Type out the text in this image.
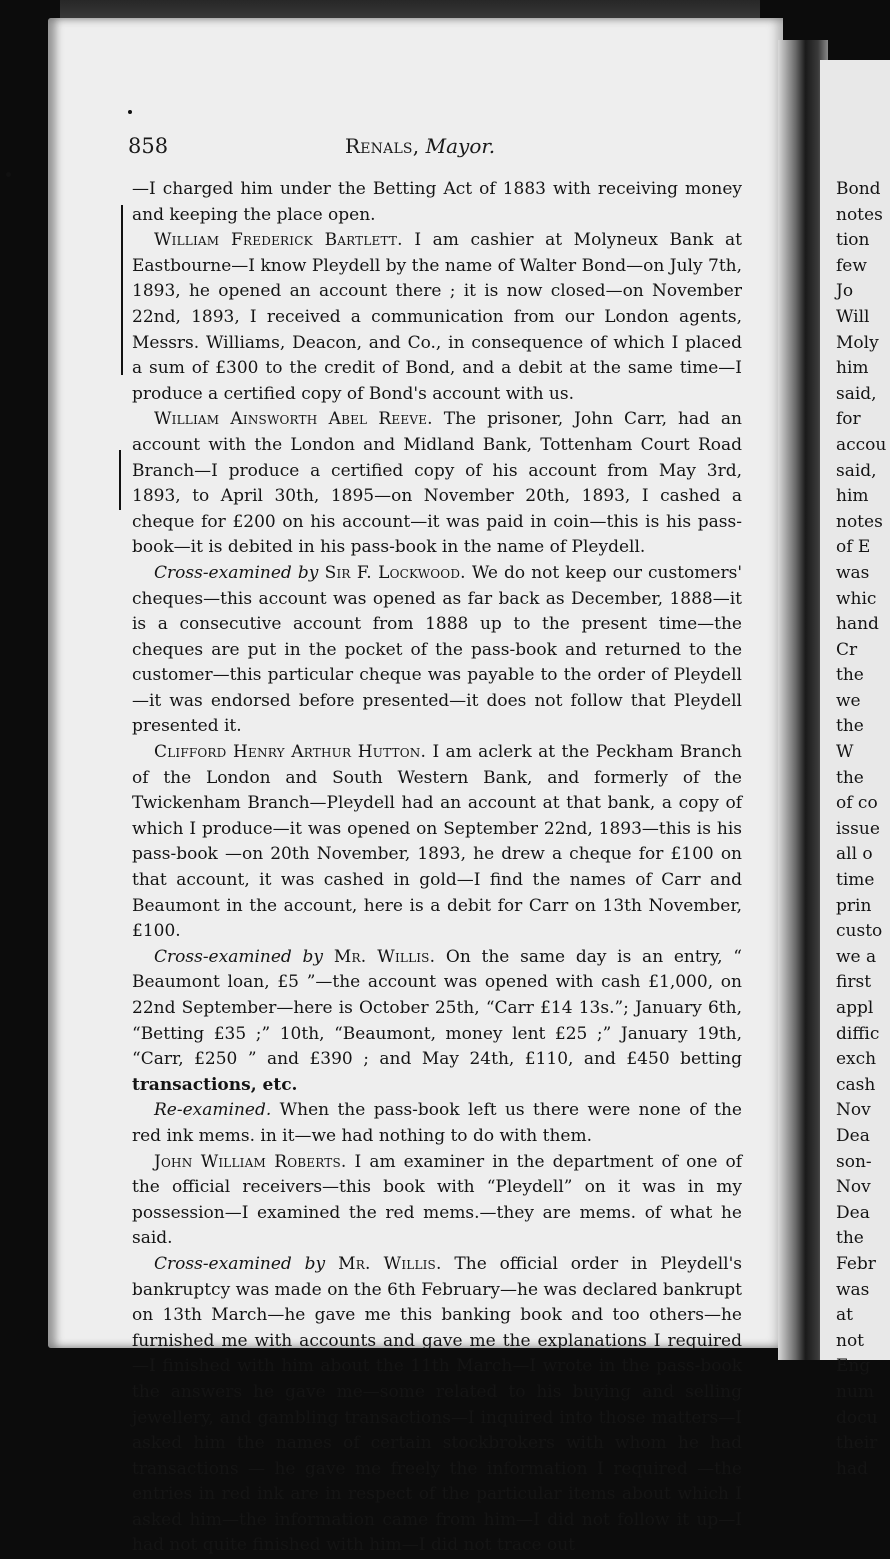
858	Renals, Mayor.

—I charged him under the Betting Act of 1883 with receiving money and keeping the place open.

William Frederick Bartlett. I am cashier at Molyneux Bank at Eastbourne—I know Pleydell by the name of Walter Bond—on July 7th, 1893, he opened an account there ; it is now closed—on November 22nd, 1893, I received a communication from our London agents, Messrs. Williams, Deacon, and Co., in consequence of which I placed a sum of £300 to the credit of Bond, and a debit at the same time—I produce a certified copy of Bond's account with us.

William Ainsworth Abel Reeve. The prisoner, John Carr, had an account with the London and Midland Bank, Tottenham Court Road Branch—I produce a certified copy of his account from May 3rd, 1893, to April 30th, 1895—on November 20th, 1893, I cashed a cheque for £200 on his account—it was paid in coin—this is his pass-book—it is debited in his pass-book in the name of Pleydell.

Cross-examined by Sir F. Lockwood. We do not keep our customers' cheques—this account was opened as far back as December, 1888—it is a consecutive account from 1888 up to the present time—the cheques are put in the pocket of the pass-book and returned to the customer—this particular cheque was payable to the order of Pleydell—it was endorsed before presented—it does not follow that Pleydell presented it.

Clifford Henry Arthur Hutton. I am aclerk at the Peckham Branch of the London and South Western Bank, and formerly of the Twickenham Branch—Pleydell had an account at that bank, a copy of which I produce—it was opened on September 22nd, 1893—this is his pass-book —on 20th November, 1893, he drew a cheque for £100 on that account, it was cashed in gold—I find the names of Carr and Beaumont in the account, here is a debit for Carr on 13th November, £100.

Cross-examined by Mr. Willis. On the same day is an entry, “ Beaumont loan, £5 ”—the account was opened with cash £1,000, on 22nd September—here is October 25th, “Carr £14 13s.”; January 6th, “Betting £35 ;” 10th, “Beaumont, money lent £25 ;” January 19th, “Carr, £250 ” and £390 ; and May 24th, £110, and £450 betting transactions, etc.

Re-examined. When the pass-book left us there were none of the red ink mems. in it—we had nothing to do with them.

John William Roberts. I am examiner in the department of one of the official receivers—this book with “Pleydell” on it was in my possession—I examined the red mems.—they are mems. of what he said.

Cross-examined by Mr. Willis. The official order in Pleydell's bankruptcy was made on the 6th February—he was declared bankrupt on 13th March—he gave me this banking book and too others—he furnished me with accounts and gave me the explanations I required—I finished with him about the 11th March—I wrote in the pass-book the answers he gave me—some related to his buying and selling jewellery, and gambling transactions—I inquired into those matters—I asked him the names of certain stockbrokers with whom he had transactions — he gave me freely the information I required —the entries in red ink are in respect of the particular items about which I asked him—the information came from him—I did not follow it up—I had not quite finished with him—I did not trace out

Bond
notes
tion
few
Jo
Will
Moly
him
said,
for
accou
said,
him
notes
of E
was
whic
hand
Cr
the
we
the
W
the
of co
issue
all o
time
prin
custo
we a
first
appl
diffic
exch
cash
Nov
Dea
son-
Nov
Dea
the
Febr
was
at
not
Eng
num
docu
their
had
